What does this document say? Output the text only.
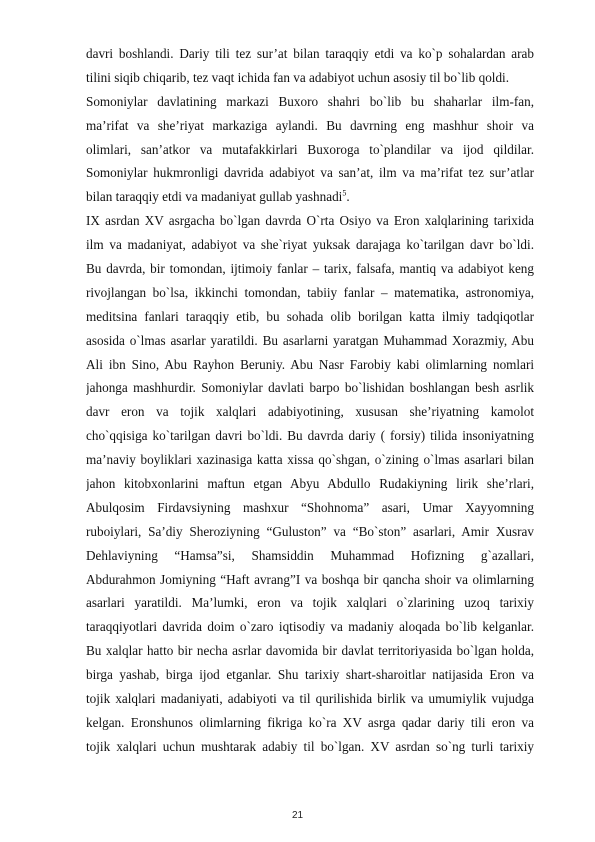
davri boshlandi. Dariy tili tez sur’at bilan taraqqiy etdi va ko`p sohalardan arab
tilini siqib chiqarib, tez vaqt ichida fan va adabiyot uchun asosiy til bo`lib qoldi.
Somoniylar davlatining markazi Buxoro shahri bo`lib bu shaharlar ilm-fan,
ma’rifat va she’riyat markaziga aylandi. Bu davrning eng mashhur shoir va
olimlari, san’atkor va mutafakkirlari Buxoroga to`plandilar va ijod qildilar.
Somoniylar hukmronligi davrida adabiyot va san’at, ilm va ma’rifat tez sur’atlar
bilan taraqqiy etdi va madaniyat gullab yashnadi$^5$.
IX asrdan XV asrgacha bo`lgan davrda O`rta Osiyo va Eron xalqlarining tarixida
ilm va madaniyat, adabiyot va she`riyat yuksak darajaga ko`tarilgan davr bo`ldi.
Bu davrda, bir tomondan, ijtimoiy fanlar – tarix, falsafa, mantiq va adabiyot keng
rivojlangan bo`lsa, ikkinchi tomondan, tabiiy fanlar – matematika, astronomiya,
meditsina fanlari taraqqiy etib, bu sohada olib borilgan katta ilmiy tadqiqotlar
asosida o`lmas asarlar yaratildi. Bu asarlarni yaratgan Muhammad Xorazmiy, Abu
Ali ibn Sino, Abu Rayhon Beruniy. Abu Nasr Farobiy kabi olimlarning nomlari
jahonga mashhurdir. Somoniylar davlati barpo bo`lishidan boshlangan besh asrlik
davr eron va tojik xalqlari adabiyotining, xususan she’riyatning kamolot
cho`qqisiga ko`tarilgan davri bo`ldi. Bu davrda dariy ( forsiy) tilida insoniyatning
ma’naviy boyliklari xazinasiga katta xissa qo`shgan, o`zining o`lmas asarlari bilan
jahon kitobxonlarini maftun etgan Abyu Abdullo Rudakiyning lirik she’rlari,
Abulqosim Firdavsiyning mashxur “Shohnoma” asari, Umar Xayyomning
ruboiylari, Sa’diy Sheroziyning “Guluston” va “Bo`ston” asarlari, Amir Xusrav
Dehlaviyning “Hamsa”si, Shamsiddin Muhammad Hofizning g`azallari,
Abdurahmon Jomiyning “Haft avrang”I va boshqa bir qancha shoir va olimlarning
asarlari yaratildi. Ma’lumki, eron va tojik xalqlari o`zlarining uzoq tarixiy
taraqqiyotlari davrida doim o`zaro iqtisodiy va madaniy aloqada bo`lib kelganlar.
Bu xalqlar hatto bir necha asrlar davomida bir davlat territoriyasida bo`lgan holda,
birga yashab, birga ijod etganlar. Shu tarixiy shart-sharoitlar natijasida Eron va
tojik xalqlari madaniyati, adabiyoti va til qurilishida birlik va umumiylik vujudga
kelgan. Eronshunos olimlarning fikriga ko`ra XV asrga qadar dariy tili eron va
tojik xalqlari uchun mushtarak adabiy til bo`lgan. XV asrdan so`ng turli tarixiy
21
